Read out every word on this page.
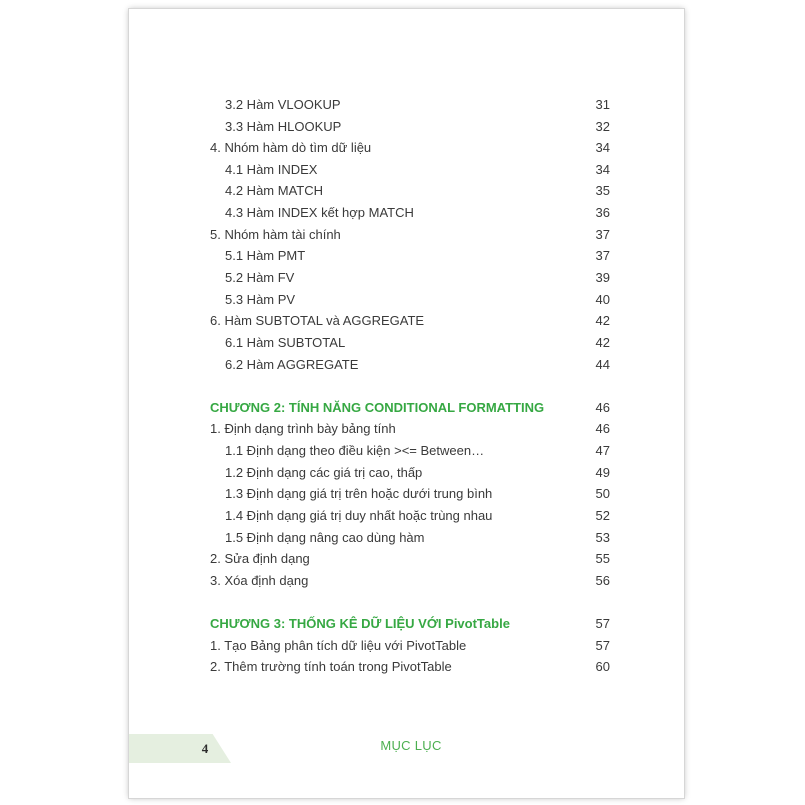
3.2 Hàm VLOOKUP	31
3.3 Hàm HLOOKUP	32
4. Nhóm hàm dò tìm dữ liệu	34
4.1 Hàm INDEX	34
4.2 Hàm MATCH	35
4.3 Hàm INDEX kết hợp MATCH	36
5. Nhóm hàm tài chính	37
5.1 Hàm PMT	37
5.2 Hàm FV	39
5.3 Hàm PV	40
6. Hàm SUBTOTAL và AGGREGATE	42
6.1 Hàm SUBTOTAL	42
6.2 Hàm AGGREGATE	44
CHƯƠNG 2: TÍNH NĂNG CONDITIONAL FORMATTING	46
1. Định dạng trình bày bảng tính	46
1.1 Định dạng theo điều kiện ><= Between…	47
1.2 Định dạng các giá trị cao, thấp	49
1.3 Định dạng giá trị trên hoặc dưới trung bình	50
1.4 Định dạng giá trị duy nhất hoặc trùng nhau	52
1.5 Định dạng nâng cao dùng hàm	53
2. Sửa định dạng	55
3. Xóa định dạng	56
CHƯƠNG 3: THỐNG KÊ DỮ LIỆU VỚI PivotTable	57
1. Tạo Bảng phân tích dữ liệu với PivotTable	57
2. Thêm trường tính toán trong PivotTable	60
4	MỤC LỤC
